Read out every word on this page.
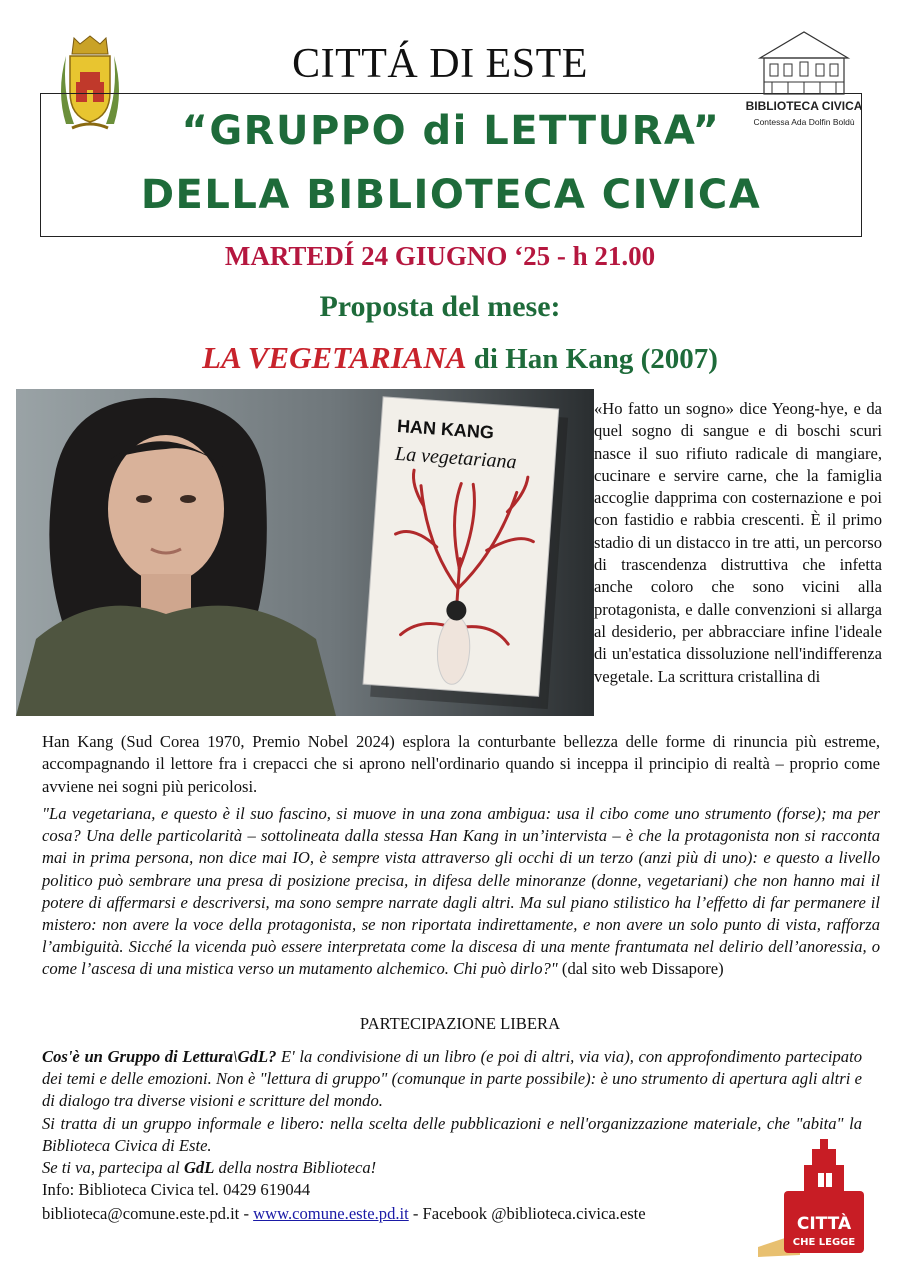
CITTÁ DI ESTE
“GRUPPO di LETTURA”
DELLA BIBLIOTECA CIVICA
BIBLIOTECA CIVICA
Contessa Ada Dolfin Boldù
MARTEDÍ 24 GIUGNO ‘25 - h 21.00
Proposta del mese:
LA VEGETARIANA di Han Kang (2007)
HAN KANG
La vegetariana
«Ho fatto un sogno» dice Yeong-hye, e da quel sogno di sangue e di boschi scuri nasce il suo rifiuto radicale di mangiare, cucinare e servire carne, che la famiglia accoglie dapprima con costernazione e poi con fastidio e rabbia crescenti. È il primo stadio di un distacco in tre atti, un percorso di trascendenza distruttiva che infetta anche coloro che sono vicini alla protagonista, e dalle convenzioni si allarga al desiderio, per abbracciare infine l'ideale di un'estatica dissoluzione nell'indifferenza vegetale. La scrittura cristallina di
Han Kang (Sud Corea 1970, Premio Nobel 2024) esplora la conturbante bellezza delle forme di rinuncia più estreme, accompagnando il lettore fra i crepacci che si aprono nell'ordinario quando si inceppa il principio di realtà – proprio come avviene nei sogni più pericolosi.
"La vegetariana, e questo è il suo fascino, si muove in una zona ambigua: usa il cibo come uno strumento (forse); ma per cosa? Una delle particolarità – sottolineata dalla stessa Han Kang in un’intervista – è che la protagonista non si racconta mai in prima persona, non dice mai IO, è sempre vista attraverso gli occhi di un terzo (anzi più di uno): e questo a livello politico può sembrare una presa di posizione precisa, in difesa delle minoranze (donne, vegetariani) che non hanno mai il potere di affermarsi e descriversi, ma sono sempre narrate dagli altri. Ma sul piano stilistico ha l’effetto di far permanere il mistero: non avere la voce della protagonista, se non riportata indirettamente, e non avere un solo punto di vista, rafforza l’ambiguità. Sicché la vicenda può essere interpretata come la discesa di una mente frantumata nel delirio dell’anoressia, o come l’ascesa di una mistica verso un mutamento alchemico. Chi può dirlo?" (dal sito web Dissapore)
PARTECIPAZIONE LIBERA
Cos'è un Gruppo di Lettura\GdL? E' la condivisione di un libro (e poi di altri, via via), con approfondimento partecipato dei temi e delle emozioni. Non è "lettura di gruppo" (comunque in parte possibile): è uno strumento di apertura agli altri e di dialogo tra diverse visioni e scritture del mondo.
Si tratta di un gruppo informale e libero: nella scelta delle pubblicazioni e nell'organizzazione materiale, che "abita" la Biblioteca Civica di Este.
Se ti va, partecipa al GdL della nostra Biblioteca!
Info: Biblioteca Civica tel. 0429 619044
biblioteca@comune.este.pd.it - www.comune.este.pd.it - Facebook @biblioteca.civica.este
CITTÀ
CHE LEGGE
